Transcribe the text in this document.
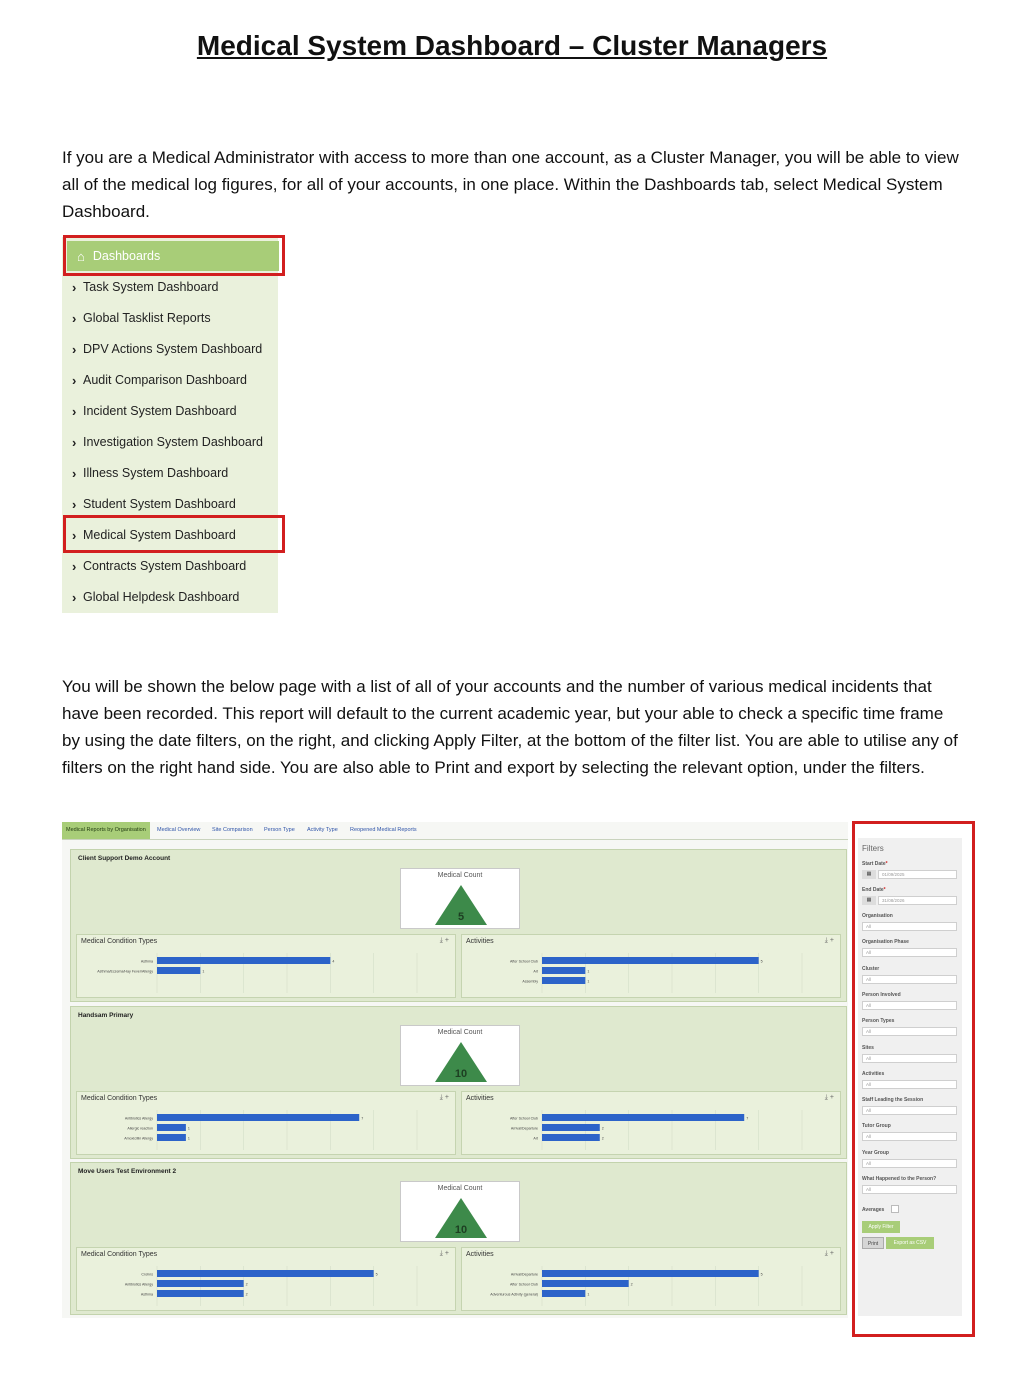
Medical System Dashboard – Cluster Managers

If you are a Medical Administrator with access to more than one account, as a Cluster Manager, you will be able to view all of the medical log figures, for all of your accounts, in one place. Within the Dashboards tab, select Medical System Dashboard.

⌂ Dashboards
› Task System Dashboard
› Global Tasklist Reports
› DPV Actions System Dashboard
› Audit Comparison Dashboard
› Incident System Dashboard
› Investigation System Dashboard
› Illness System Dashboard
› Student System Dashboard
› Medical System Dashboard
› Contracts System Dashboard
› Global Helpdesk Dashboard

You will be shown the below page with a list of all of your accounts and the number of various medical incidents that have been recorded. This report will default to the current academic year, but your able to check a specific time frame by using the date filters, on the right, and clicking Apply Filter, at the bottom of the filter list. You are able to utilise any of filters on the right hand side. You are also able to Print and export by selecting the relevant option, under the filters.

Medical Reports by Organisation	Medical Overview Site Comparison Person Type Activity Type Reopened Medical Reports
Client Support Demo Account
Medical Count
5
Medical Condition Types	⤓+
Asthma	4
Asthma/Eczema/Hay Fever/Allergy	1
Activities	⤓+
After School Club	5
Art	1
Assembly	1
Handsam Primary
Medical Count
10
Medical Condition Types	⤓+
Antibiotics Allergy	7
Allergic reaction	1
Amoxicillin Allergy	1
Activities	⤓+
After School Club	7
Arrival/Departure	2
Art	2
Move Users Test Environment 2
Medical Count
10
Medical Condition Types	⤓+
Crohns	5
Antibiotics Allergy	2
Asthma	2
Activities	⤓+
Arrival/Departure	5
After School Club	2
Adventurous Activity (general)	1
Filters
Start Date*
▦	01/09/2025
End Date*
▦	31/08/2026
Organisation
All
Organisation Phase
All
Cluster
All
Person Involved
All
Person Types
All
Sites
All
Activities
All
Staff Leading the Session
All
Tutor Group
All
Year Group
All
What Happened to the Person?
All
Averages
Apply Filter
Print	Export as CSV
